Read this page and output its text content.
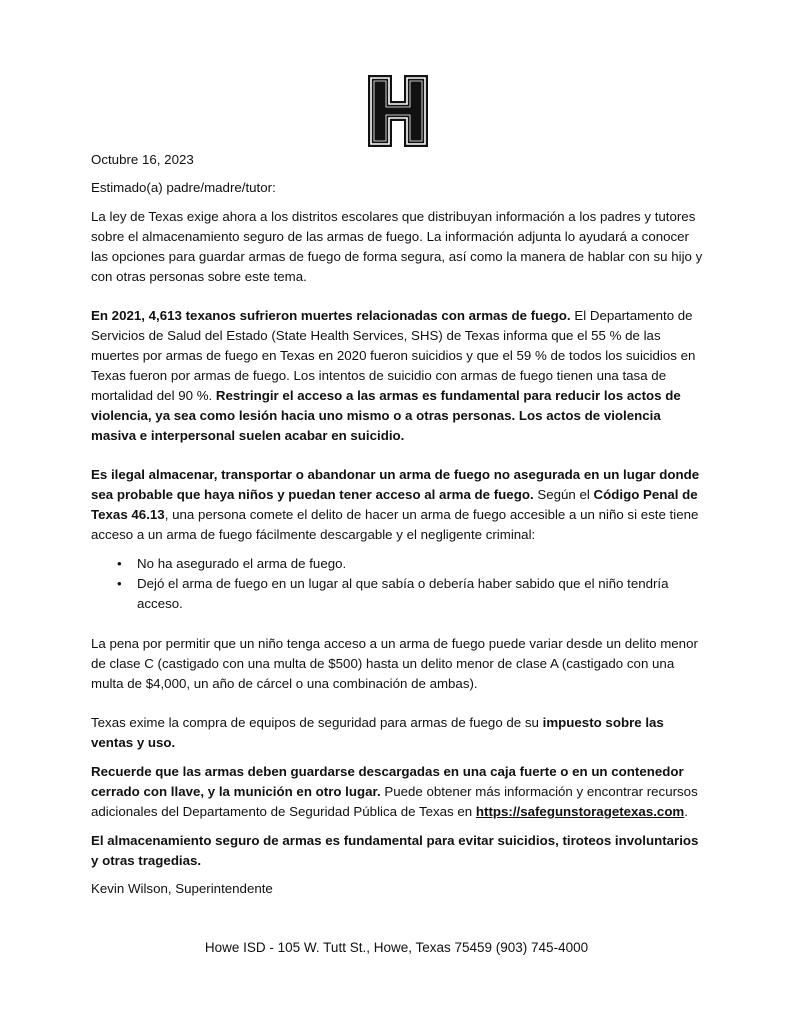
Octubre 16, 2023

Estimado(a) padre/madre/tutor:

La ley de Texas exige ahora a los distritos escolares que distribuyan información a los padres y tutores sobre el almacenamiento seguro de las armas de fuego. La información adjunta lo ayudará a conocer las opciones para guardar armas de fuego de forma segura, así como la manera de hablar con su hijo y con otras personas sobre este tema.

En 2021, 4,613 texanos sufrieron muertes relacionadas con armas de fuego. El Departamento de Servicios de Salud del Estado (State Health Services, SHS) de Texas informa que el 55 % de las muertes por armas de fuego en Texas en 2020 fueron suicidios y que el 59 % de todos los suicidios en Texas fueron por armas de fuego. Los intentos de suicidio con armas de fuego tienen una tasa de mortalidad del 90 %. Restringir el acceso a las armas es fundamental para reducir los actos de violencia, ya sea como lesión hacia uno mismo o a otras personas. Los actos de violencia masiva e interpersonal suelen acabar en suicidio.

Es ilegal almacenar, transportar o abandonar un arma de fuego no asegurada en un lugar donde sea probable que haya niños y puedan tener acceso al arma de fuego. Según el Código Penal de Texas 46.13, una persona comete el delito de hacer un arma de fuego accesible a un niño si este tiene acceso a un arma de fuego fácilmente descargable y el negligente criminal:

• No ha asegurado el arma de fuego.
• Dejó el arma de fuego en un lugar al que sabía o debería haber sabido que el niño tendría acceso.

La pena por permitir que un niño tenga acceso a un arma de fuego puede variar desde un delito menor de clase C (castigado con una multa de $500) hasta un delito menor de clase A (castigado con una multa de $4,000, un año de cárcel o una combinación de ambas).

Texas exime la compra de equipos de seguridad para armas de fuego de su impuesto sobre las ventas y uso.

Recuerde que las armas deben guardarse descargadas en una caja fuerte o en un contenedor cerrado con llave, y la munición en otro lugar. Puede obtener más información y encontrar recursos adicionales del Departamento de Seguridad Pública de Texas en https://safegunstoragetexas.com.

El almacenamiento seguro de armas es fundamental para evitar suicidios, tiroteos involuntarios y otras tragedias.

Kevin Wilson, Superintendente

Howe ISD - 105 W. Tutt St., Howe, Texas 75459 (903) 745-4000
